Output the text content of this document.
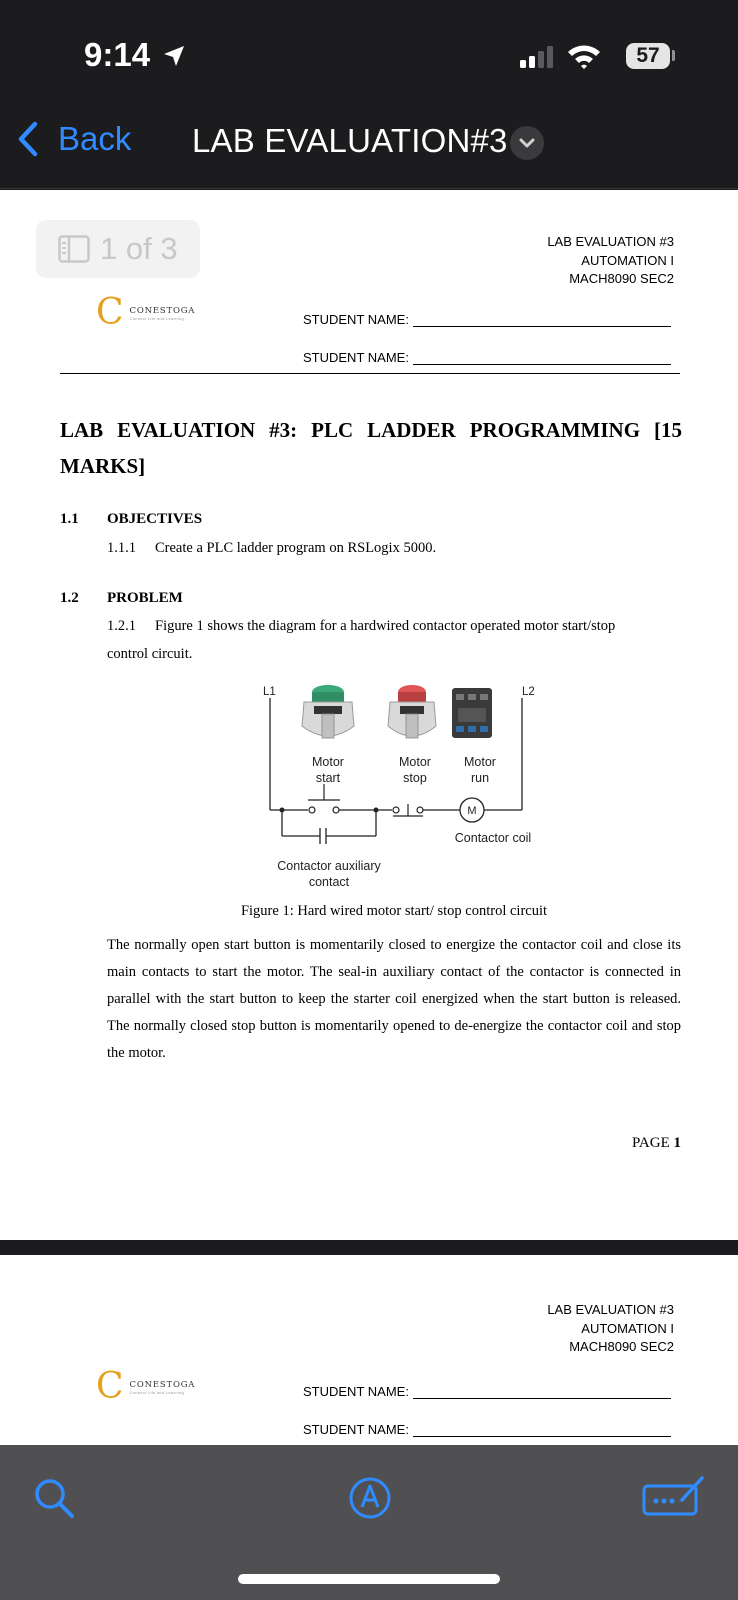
9:14	57
Back LAB EVALUATION#3
LAB EVALUATION #3
AUTOMATION I
MACH8090 SEC2
C CONESTOGA
Connect Life and Learning	STUDENT NAME:
STUDENT NAME:
LAB EVALUATION #3: PLC LADDER PROGRAMMING [15 MARKS]
1.1 OBJECTIVES
1.1.1 Create a PLC ladder program on RSLogix 5000.
1.2 PROBLEM
1.2.1 Figure 1 shows the diagram for a hardwired contactor operated motor start/stop
control circuit.
L1	L2
Motor
start
Motor
stop
Motor
run
M
Contactor coil
Contactor auxiliary
contact
Figure 1: Hard wired motor start/ stop control circuit
The normally open start button is momentarily closed to energize the contactor coil and close its main contacts to start the motor. The seal-in auxiliary contact of the contactor is connected in parallel with the start button to keep the starter coil energized when the start button is released. The normally closed stop button is momentarily opened to de-energize the contactor coil and stop the motor.
PAGE 1
1 of 3
LAB EVALUATION #3
AUTOMATION I
MACH8090 SEC2
C CONESTOGA
Connect Life and Learning	STUDENT NAME:
STUDENT NAME:
